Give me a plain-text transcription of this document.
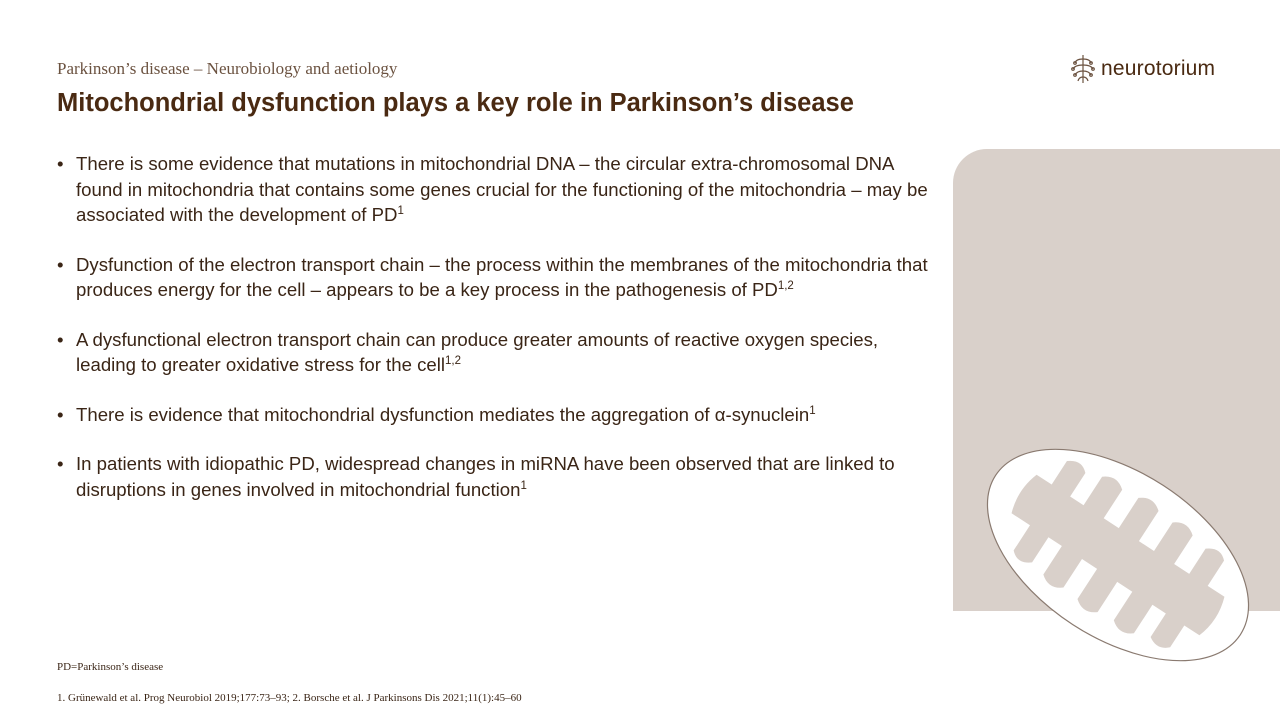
Parkinson’s disease – Neurobiology and aetiology
Mitochondrial dysfunction plays a key role in Parkinson’s disease
neurotorium
• There is some evidence that mutations in mitochondrial DNA – the circular extra-chromosomal DNA found in mitochondria that contains some genes crucial for the functioning of the mitochondria – may be associated with the development of $PD^1$
• Dysfunction of the electron transport chain – the process within the membranes of the mitochondria that produces energy for the cell – appears to be a key process in the pathogenesis of PD$^{1,2}$
• A dysfunctional electron transport chain can produce greater amounts of reactive oxygen species, leading to greater oxidative stress for the cell$^{1,2}$
• There is evidence that mitochondrial dysfunction mediates the aggregation of α-synuclein$^1$
• In patients with idiopathic PD, widespread changes in miRNA have been observed that are linked to disruptions in genes involved in mitochondrial function$^1$
PD=Parkinson’s disease
1. Grünewald et al. Prog Neurobiol 2019;177:73–93; 2. Borsche et al. J Parkinsons Dis 2021;11(1):45–60
